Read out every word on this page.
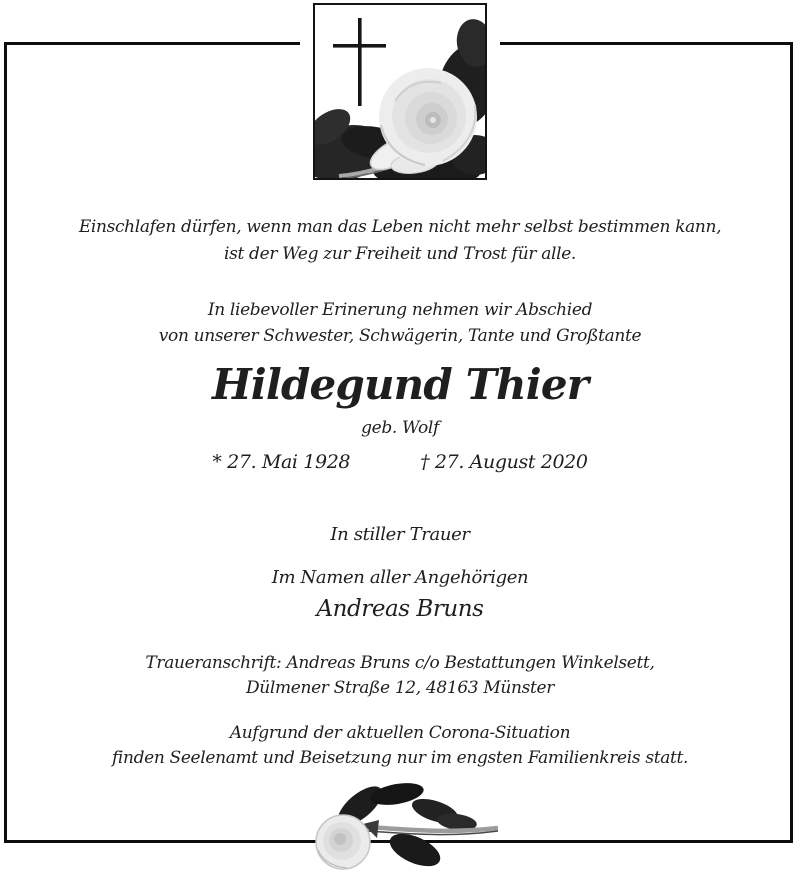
Einschlafen dürfen, wenn man das Leben nicht mehr selbst bestimmen kann,
ist der Weg zur Freiheit und Trost für alle.
In liebevoller Erinerung nehmen wir Abschied
von unserer Schwester, Schwägerin, Tante und Großtante
Hildegund Thier
geb. Wolf
* 27. Mai 1928	† 27. August 2020
In stiller Trauer
Im Namen aller Angehörigen
Andreas Bruns
Traueranschrift: Andreas Bruns c/o Bestattungen Winkelsett,
Dülmener Straße 12, 48163 Münster
Aufgrund der aktuellen Corona-Situation
finden Seelenamt und Beisetzung nur im engsten Familienkreis statt.
